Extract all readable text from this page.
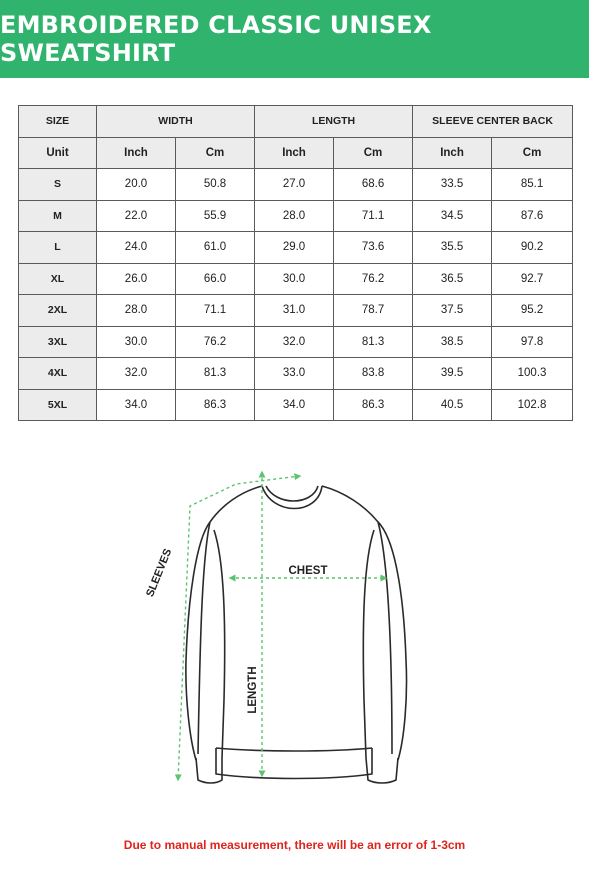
EMBROIDERED CLASSIC UNISEX SWEATSHIRT
SIZE	WIDTH		LENGTH		SLEEVE CENTER BACK	
Unit	Inch	Cm	Inch	Cm	Inch	Cm
S	20.0	50.8	27.0	68.6	33.5	85.1
M	22.0	55.9	28.0	71.1	34.5	87.6
L	24.0	61.0	29.0	73.6	35.5	90.2
XL	26.0	66.0	30.0	76.2	36.5	92.7
2XL	28.0	71.1	31.0	78.7	37.5	95.2
3XL	30.0	76.2	32.0	81.3	38.5	97.8
4XL	32.0	81.3	33.0	83.8	39.5	100.3
5XL	34.0	86.3	34.0	86.3	40.5	102.8
CHEST
LENGTH
SLEEVES
Due to manual measurement, there will be an error of 1-3cm
